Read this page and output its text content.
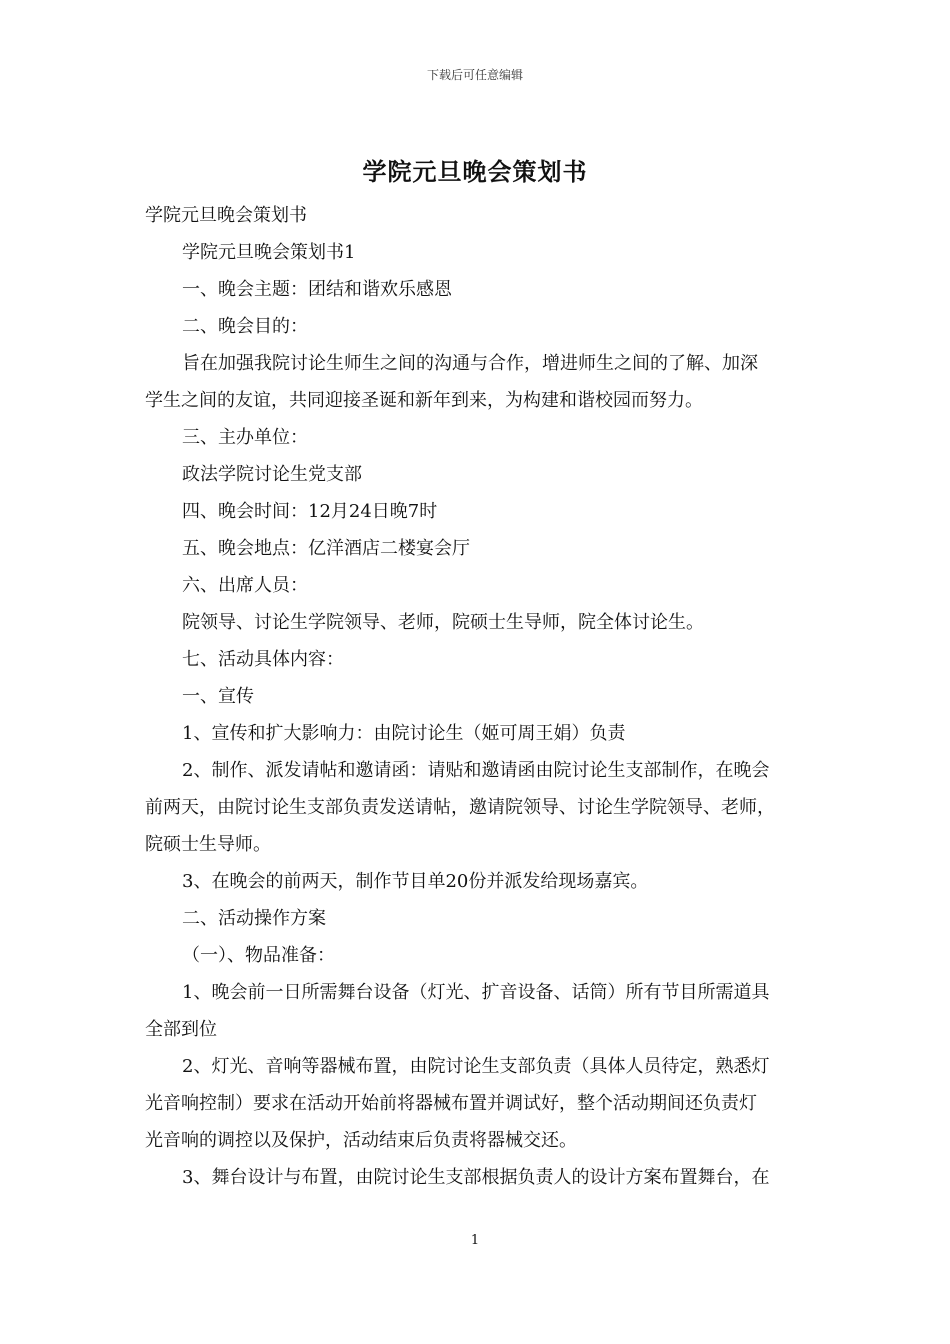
下载后可任意编辑
学院元旦晚会策划书
学院元旦晚会策划书
学院元旦晚会策划书1
一、晚会主题：团结和谐欢乐感恩
二、晚会目的：
旨在加强我院讨论生师生之间的沟通与合作，增进师生之间的了解、加深
学生之间的友谊，共同迎接圣诞和新年到来，为构建和谐校园而努力。
三、主办单位：
政法学院讨论生党支部
四、晚会时间：12月24日晚7时
五、晚会地点：亿洋酒店二楼宴会厅
六、出席人员：
院领导、讨论生学院领导、老师，院硕士生导师，院全体讨论生。
七、活动具体内容：
一、宣传
1、宣传和扩大影响力：由院讨论生（姬可周王娟）负责
2、制作、派发请帖和邀请函：请贴和邀请函由院讨论生支部制作，在晚会
前两天，由院讨论生支部负责发送请帖，邀请院领导、讨论生学院领导、老师，
院硕士生导师。
3、在晚会的前两天，制作节目单20份并派发给现场嘉宾。
二、活动操作方案
（一）、物品准备：
1、晚会前一日所需舞台设备（灯光、扩音设备、话筒）所有节目所需道具
全部到位
2、灯光、音响等器械布置，由院讨论生支部负责（具体人员待定，熟悉灯
光音响控制）要求在活动开始前将器械布置并调试好，整个活动期间还负责灯
光音响的调控以及保护，活动结束后负责将器械交还。
3、舞台设计与布置，由院讨论生支部根据负责人的设计方案布置舞台，在
1
